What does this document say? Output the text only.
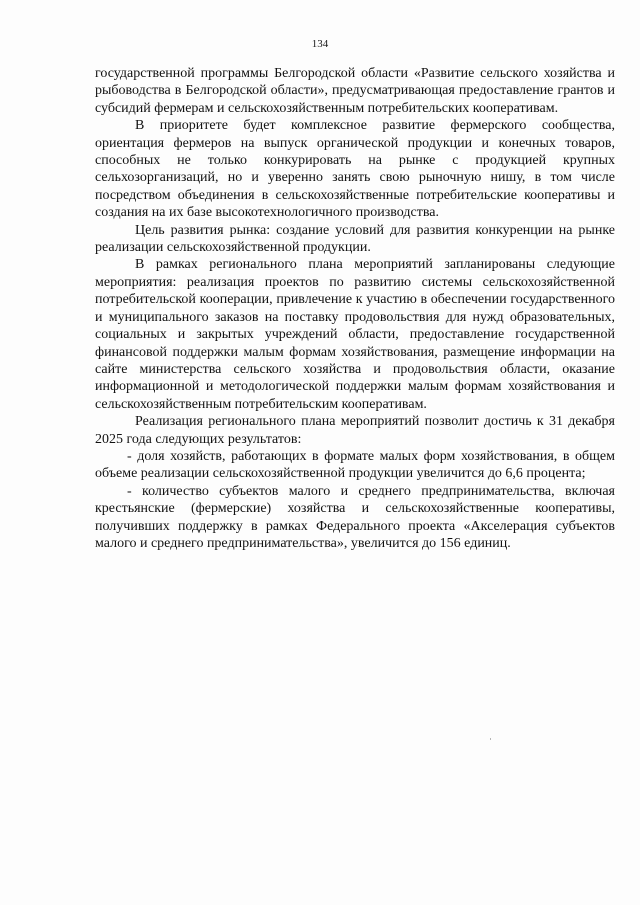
134

государственной программы Белгородской области «Развитие сельского хозяйства и рыбоводства в Белгородской области», предусматривающая предоставление грантов и субсидий фермерам и сельскохозяйственным потребительских кооперативам.

В приоритете будет комплексное развитие фермерского сообщества, ориентация фермеров на выпуск органической продукции и конечных товаров, способных не только конкурировать на рынке с продукцией крупных сельхозорганизаций, но и уверенно занять свою рыночную нишу, в том числе посредством объединения в сельскохозяйственные потребительские кооперативы и создания на их базе высокотехнологичного производства.

Цель развития рынка: создание условий для развития конкуренции на рынке реализации сельскохозяйственной продукции.

В рамках регионального плана мероприятий запланированы следующие мероприятия: реализация проектов по развитию системы сельскохозяйственной потребительской кооперации, привлечение к участию в обеспечении государственного и муниципального заказов на поставку продовольствия для нужд образовательных, социальных и закрытых учреждений области, предоставление государственной финансовой поддержки малым формам хозяйствования, размещение информации на сайте министерства сельского хозяйства и продовольствия области, оказание информационной и методологической поддержки малым формам хозяйствования и сельскохозяйственным потребительским кооперативам.

Реализация регионального плана мероприятий позволит достичь к 31 декабря 2025 года следующих результатов:

- доля хозяйств, работающих в формате малых форм хозяйствования, в общем объеме реализации сельскохозяйственной продукции увеличится до 6,6 процента;

- количество субъектов малого и среднего предпринимательства, включая крестьянские (фермерские) хозяйства и сельскохозяйственные кооперативы, получивших поддержку в рамках Федерального проекта «Акселерация субъектов малого и среднего предпринимательства», увеличится до 156 единиц.
